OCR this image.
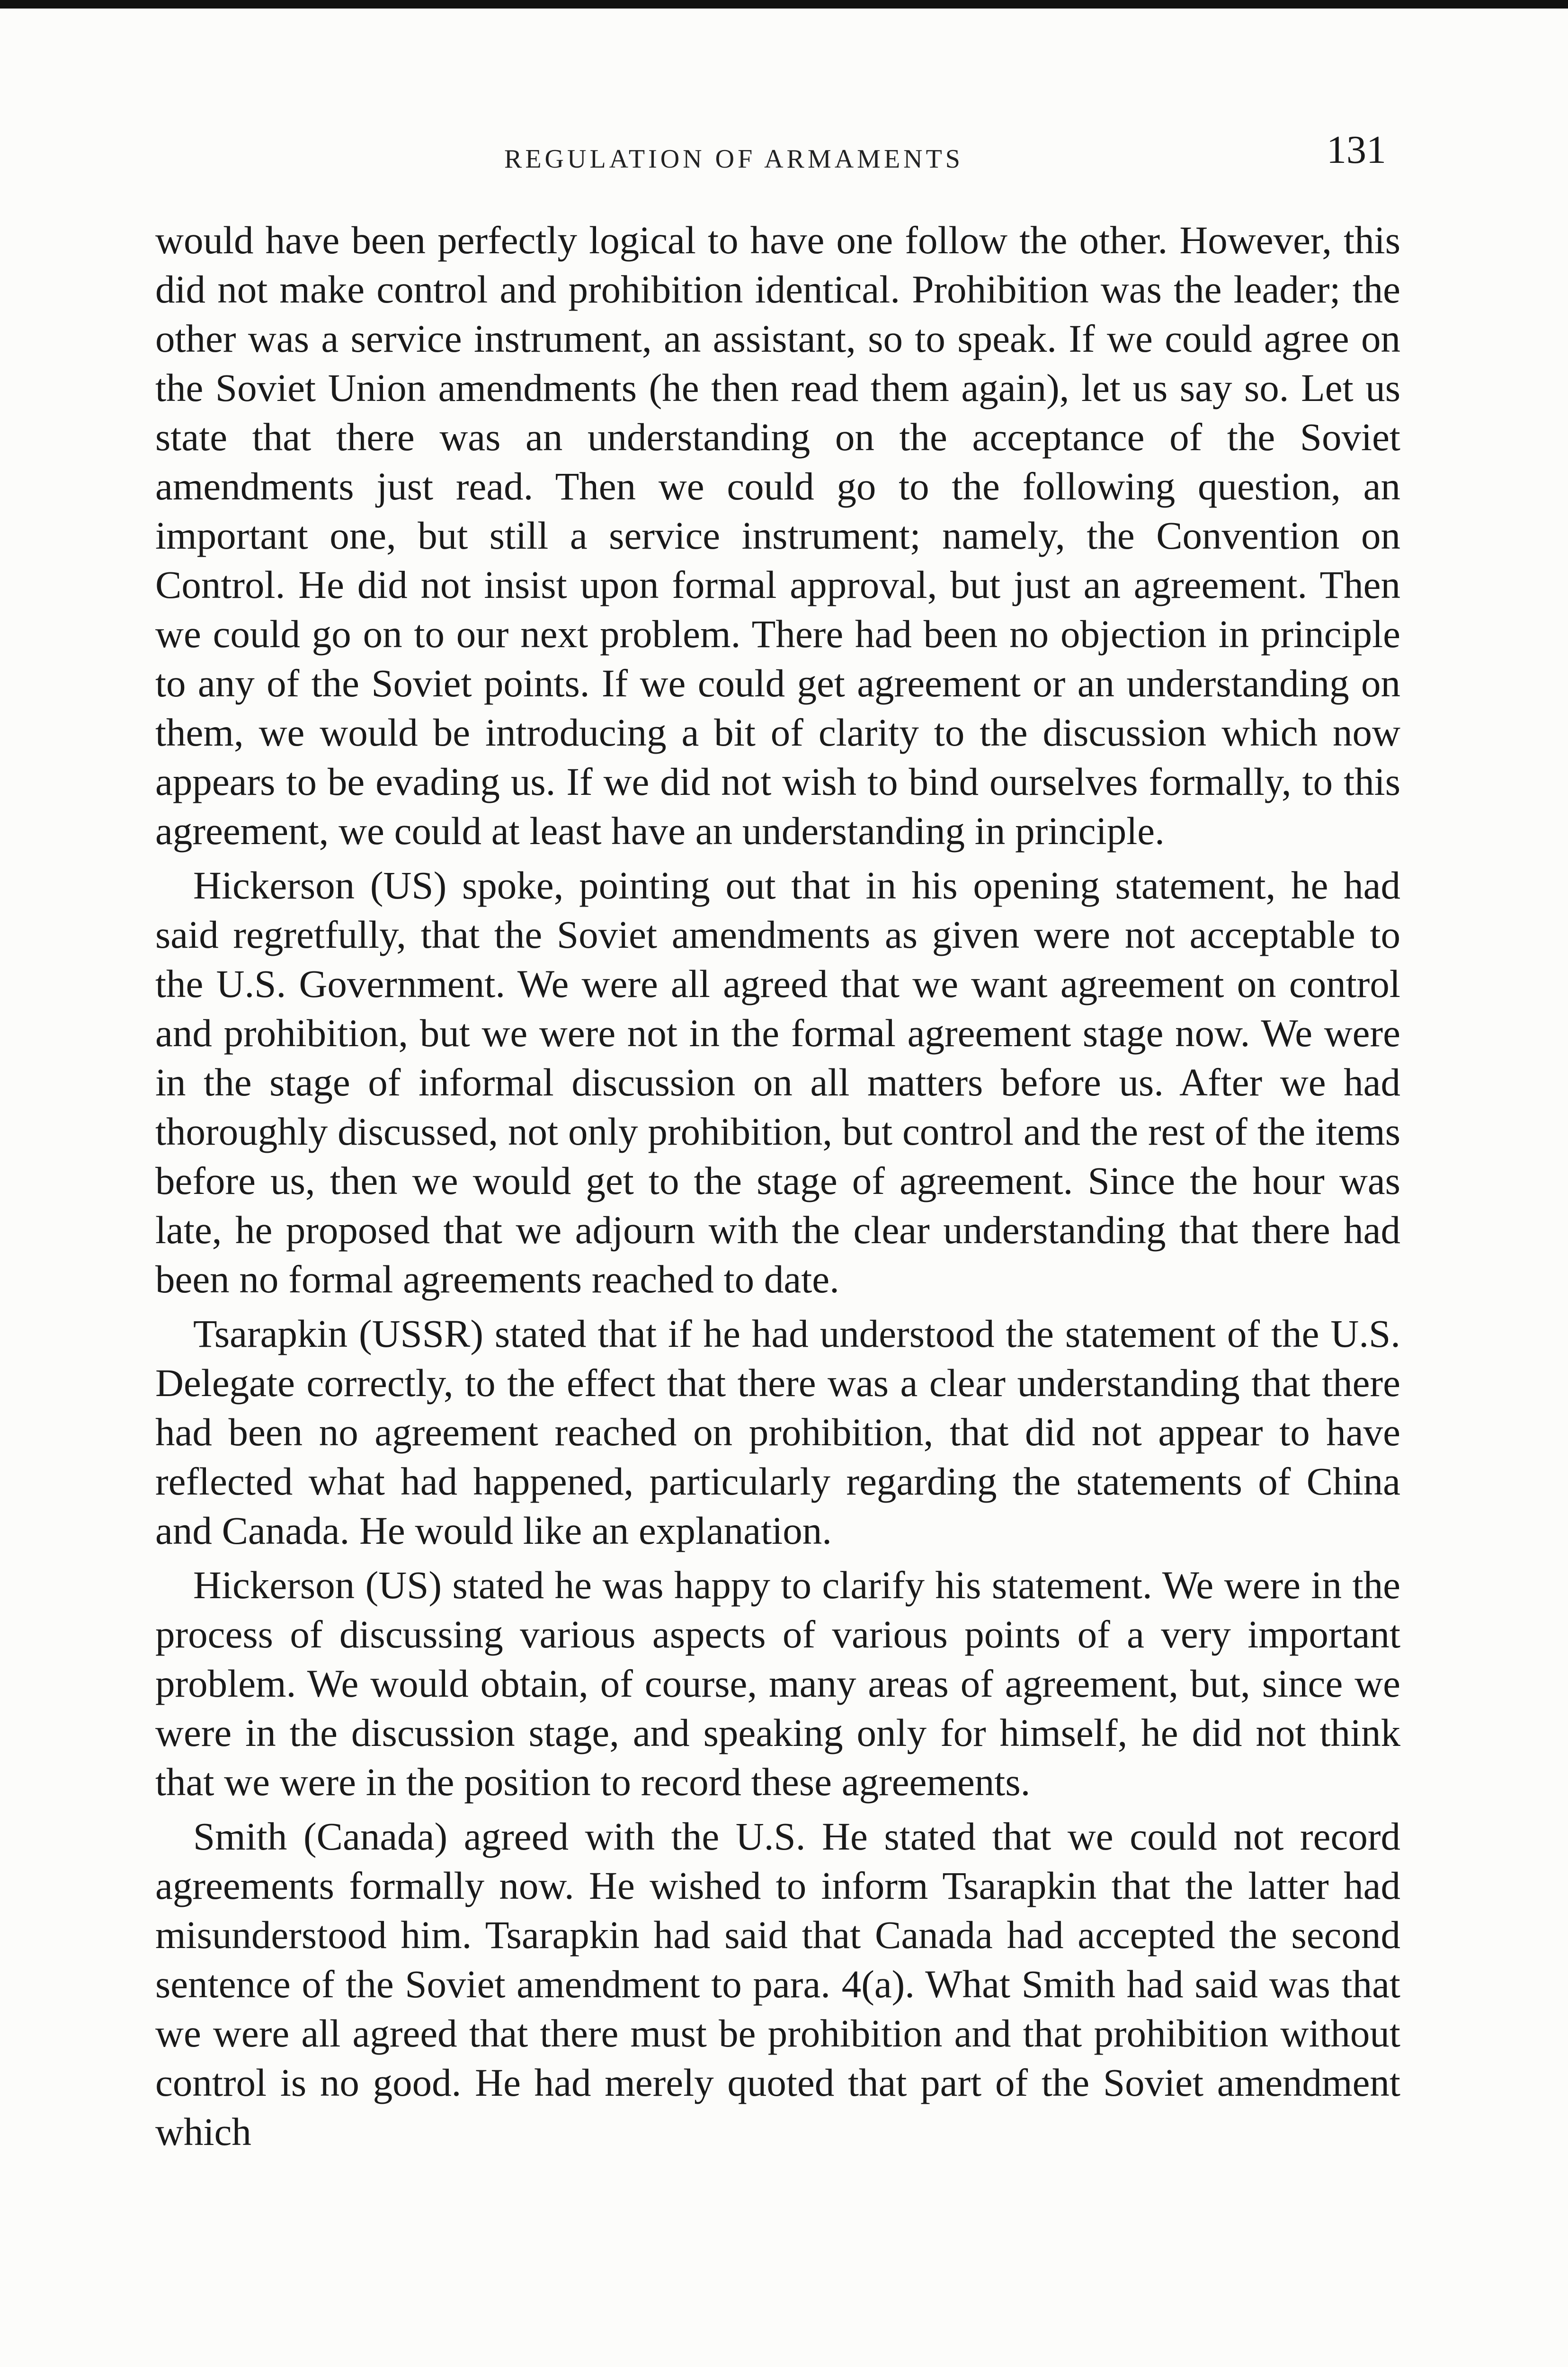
REGULATION OF ARMAMENTS	131

would have been perfectly logical to have one follow the other. However, this did not make control and prohibition identical. Prohibition was the leader; the other was a service instrument, an assistant, so to speak. If we could agree on the Soviet Union amendments (he then read them again), let us say so. Let us state that there was an understanding on the acceptance of the Soviet amendments just read. Then we could go to the following question, an important one, but still a service instrument; namely, the Convention on Control. He did not insist upon formal approval, but just an agreement. Then we could go on to our next problem. There had been no objection in principle to any of the Soviet points. If we could get agreement or an understanding on them, we would be introducing a bit of clarity to the discussion which now appears to be evading us. If we did not wish to bind ourselves formally, to this agreement, we could at least have an understanding in principle.

Hickerson (US) spoke, pointing out that in his opening statement, he had said regretfully, that the Soviet amendments as given were not acceptable to the U.S. Government. We were all agreed that we want agreement on control and prohibition, but we were not in the formal agreement stage now. We were in the stage of informal discussion on all matters before us. After we had thoroughly discussed, not only prohibition, but control and the rest of the items before us, then we would get to the stage of agreement. Since the hour was late, he proposed that we adjourn with the clear understanding that there had been no formal agreements reached to date.

Tsarapkin (USSR) stated that if he had understood the statement of the U.S. Delegate correctly, to the effect that there was a clear understanding that there had been no agreement reached on prohibition, that did not appear to have reflected what had happened, particularly regarding the statements of China and Canada. He would like an explanation.

Hickerson (US) stated he was happy to clarify his statement. We were in the process of discussing various aspects of various points of a very important problem. We would obtain, of course, many areas of agreement, but, since we were in the discussion stage, and speaking only for himself, he did not think that we were in the position to record these agreements.

Smith (Canada) agreed with the U.S. He stated that we could not record agreements formally now. He wished to inform Tsarapkin that the latter had misunderstood him. Tsarapkin had said that Canada had accepted the second sentence of the Soviet amendment to para. 4(a). What Smith had said was that we were all agreed that there must be prohibition and that prohibition without control is no good. He had merely quoted that part of the Soviet amendment which
